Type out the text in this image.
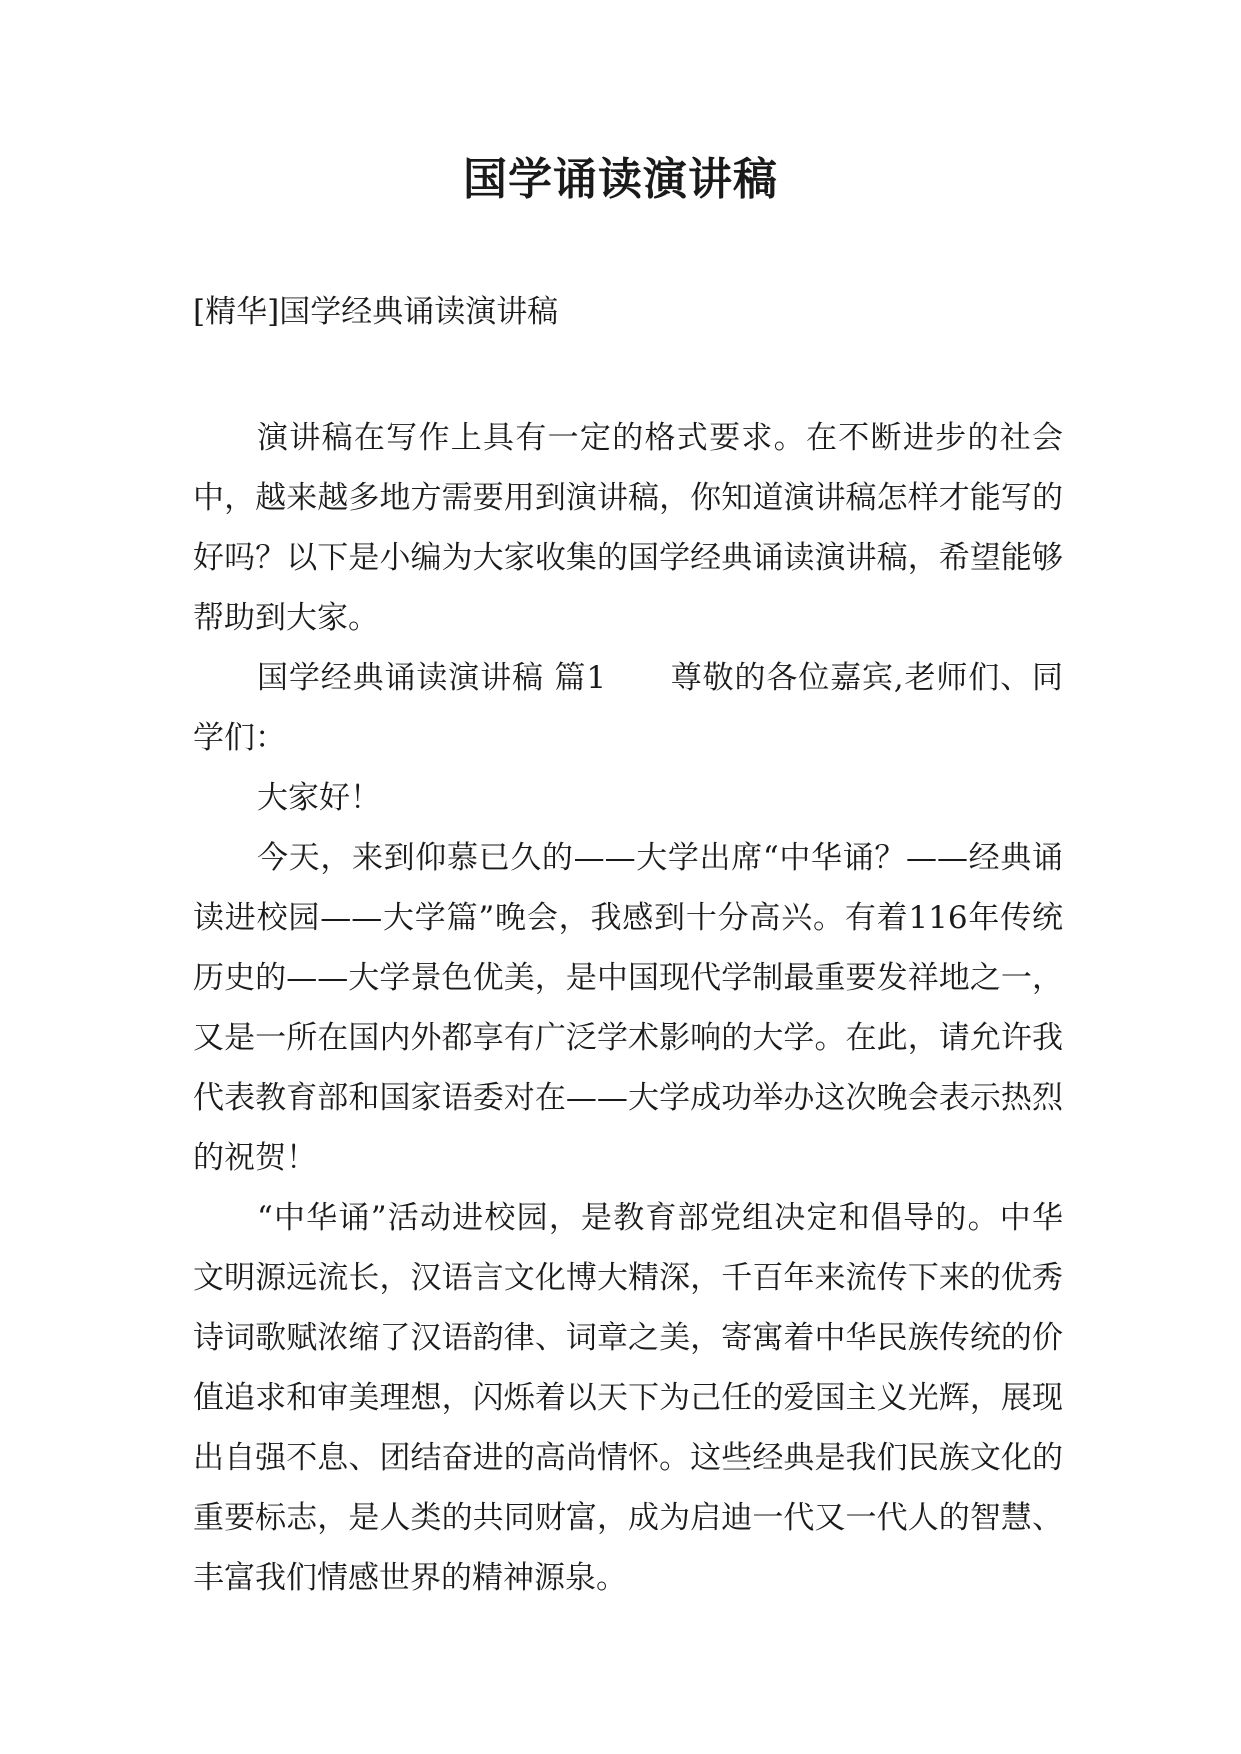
国学诵读演讲稿

[精华]国学经典诵读演讲稿

演讲稿在写作上具有一定的格式要求。在不断进步的社会中，越来越多地方需要用到演讲稿，你知道演讲稿怎样才能写的好吗？以下是小编为大家收集的国学经典诵读演讲稿，希望能够帮助到大家。

国学经典诵读演讲稿 篇1　　尊敬的各位嘉宾,老师们、同学们：

大家好！

今天，来到仰慕已久的——大学出席“中华诵？——经典诵读进校园——大学篇”晚会，我感到十分高兴。有着116年传统历史的——大学景色优美，是中国现代学制最重要发祥地之一，又是一所在国内外都享有广泛学术影响的大学。在此，请允许我代表教育部和国家语委对在——大学成功举办这次晚会表示热烈的祝贺！

“中华诵”活动进校园，是教育部党组决定和倡导的。中华文明源远流长，汉语言文化博大精深，千百年来流传下来的优秀诗词歌赋浓缩了汉语韵律、词章之美，寄寓着中华民族传统的价值追求和审美理想，闪烁着以天下为己任的爱国主义光辉，展现出自强不息、团结奋进的高尚情怀。这些经典是我们民族文化的重要标志，是人类的共同财富，成为启迪一代又一代人的智慧、丰富我们情感世界的精神源泉。
